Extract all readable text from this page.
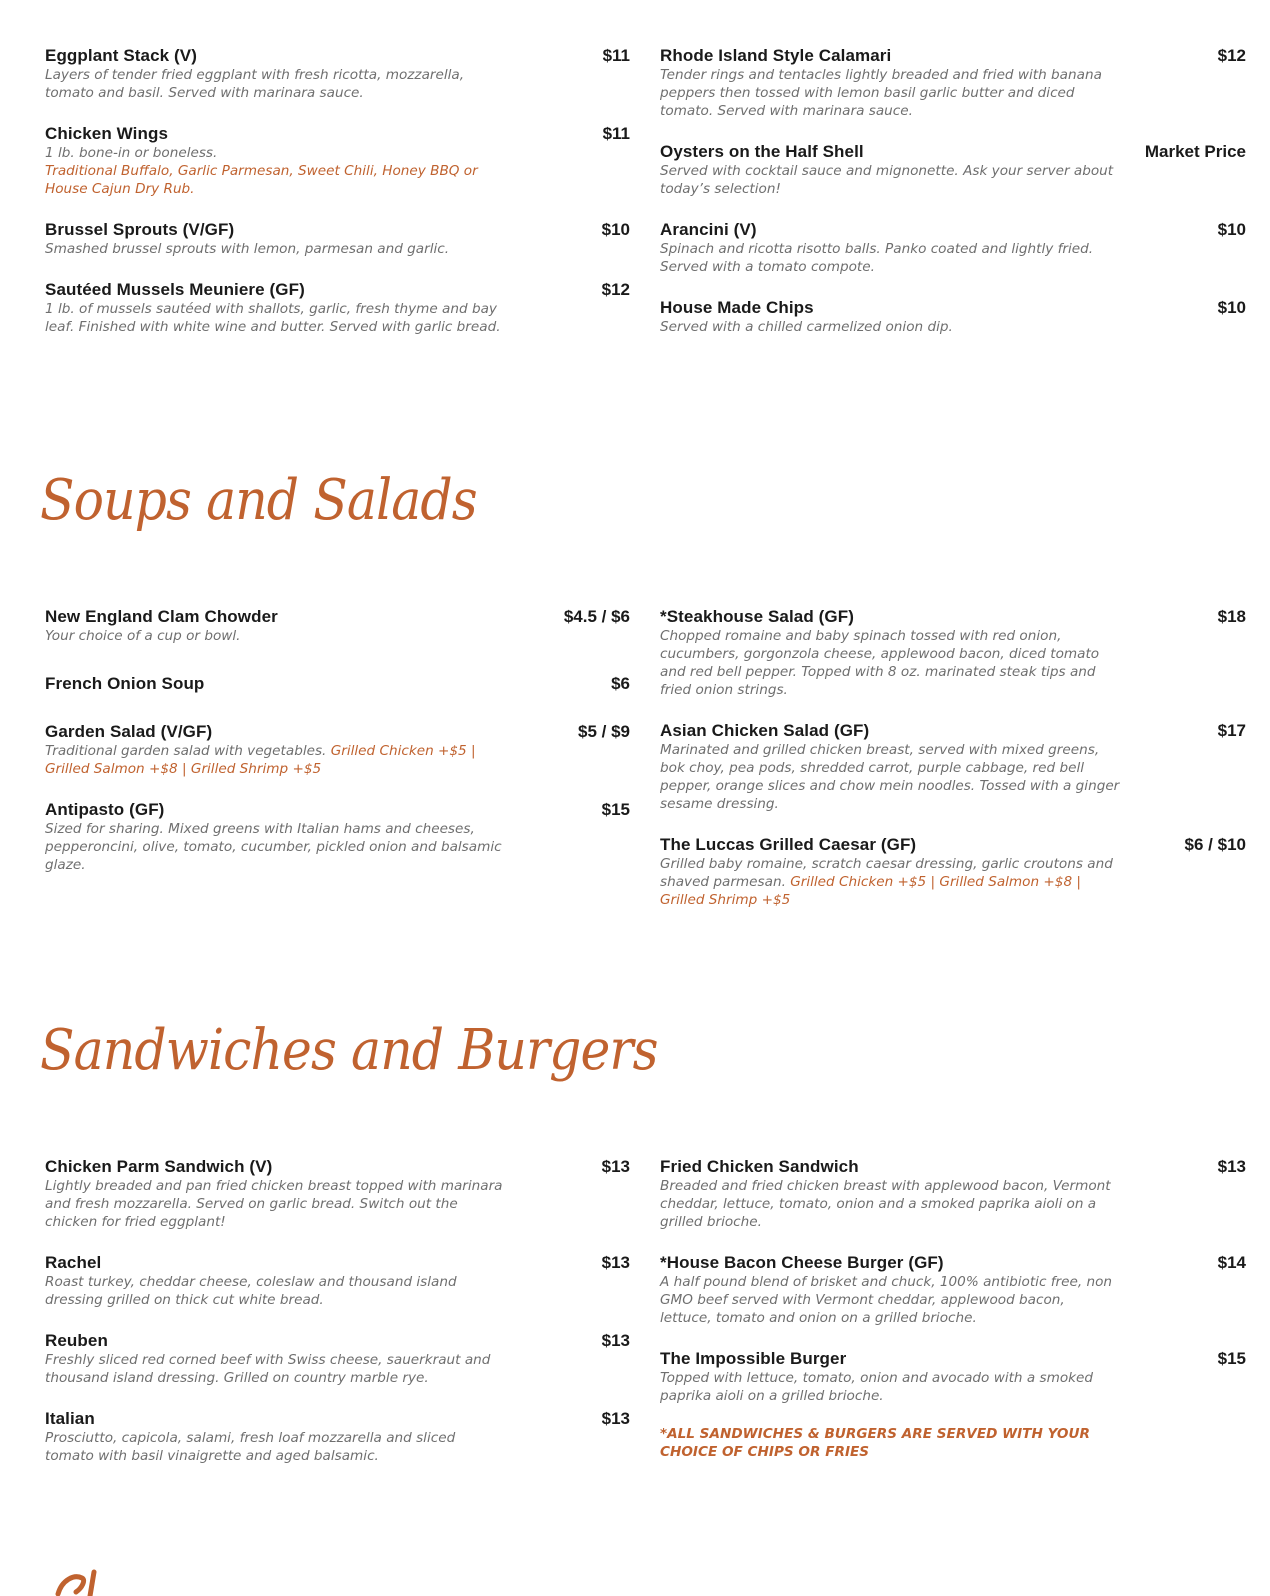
Eggplant Stack (V)	$11
Layers of tender fried eggplant with fresh ricotta, mozzarella, tomato and basil. Served with marinara sauce.
Chicken Wings	$11
1 lb. bone-in or boneless.
Traditional Buffalo, Garlic Parmesan, Sweet Chili, Honey BBQ or House Cajun Dry Rub.
Brussel Sprouts (V/GF)	$10
Smashed brussel sprouts with lemon, parmesan and garlic.
Sautéed Mussels Meuniere (GF)	$12
1 lb. of mussels sautéed with shallots, garlic, fresh thyme and bay leaf. Finished with white wine and butter. Served with garlic bread.
Rhode Island Style Calamari	$12
Tender rings and tentacles lightly breaded and fried with banana peppers then tossed with lemon basil garlic butter and diced tomato. Served with marinara sauce.
Oysters on the Half Shell	Market Price
Served with cocktail sauce and mignonette. Ask your server about today’s selection!
Arancini (V)	$10
Spinach and ricotta risotto balls. Panko coated and lightly fried. Served with a tomato compote.
House Made Chips	$10
Served with a chilled carmelized onion dip.
Soups and Salads
New England Clam Chowder	$4.5 / $6
Your choice of a cup or bowl.
French Onion Soup	$6
Garden Salad (V/GF)	$5 / $9
Traditional garden salad with vegetables. Grilled Chicken +$5 | Grilled Salmon +$8 | Grilled Shrimp +$5
Antipasto (GF)	$15
Sized for sharing. Mixed greens with Italian hams and cheeses, pepperoncini, olive, tomato, cucumber, pickled onion and balsamic glaze.
*Steakhouse Salad (GF)	$18
Chopped romaine and baby spinach tossed with red onion, cucumbers, gorgonzola cheese, applewood bacon, diced tomato and red bell pepper. Topped with 8 oz. marinated steak tips and fried onion strings.
Asian Chicken Salad (GF)	$17
Marinated and grilled chicken breast, served with mixed greens, bok choy, pea pods, shredded carrot, purple cabbage, red bell pepper, orange slices and chow mein noodles. Tossed with a ginger sesame dressing.
The Luccas Grilled Caesar (GF)	$6 / $10
Grilled baby romaine, scratch caesar dressing, garlic croutons and shaved parmesan. Grilled Chicken +$5 | Grilled Salmon +$8 | Grilled Shrimp +$5
Sandwiches and Burgers
Chicken Parm Sandwich (V)	$13
Lightly breaded and pan fried chicken breast topped with marinara and fresh mozzarella. Served on garlic bread. Switch out the chicken for fried eggplant!
Rachel	$13
Roast turkey, cheddar cheese, coleslaw and thousand island dressing grilled on thick cut white bread.
Reuben	$13
Freshly sliced red corned beef with Swiss cheese, sauerkraut and thousand island dressing. Grilled on country marble rye.
Italian	$13
Prosciutto, capicola, salami, fresh loaf mozzarella and sliced tomato with basil vinaigrette and aged balsamic.
Fried Chicken Sandwich	$13
Breaded and fried chicken breast with applewood bacon, Vermont cheddar, lettuce, tomato, onion and a smoked paprika aioli on a grilled brioche.
*House Bacon Cheese Burger (GF)	$14
A half pound blend of brisket and chuck, 100% antibiotic free, non GMO beef served with Vermont cheddar, applewood bacon, lettuce, tomato and onion on a grilled brioche.
The Impossible Burger	$15
Topped with lettuce, tomato, onion and avocado with a smoked paprika aioli on a grilled brioche.
*ALL SANDWICHES & BURGERS ARE SERVED WITH YOUR CHOICE OF CHIPS OR FRIES
